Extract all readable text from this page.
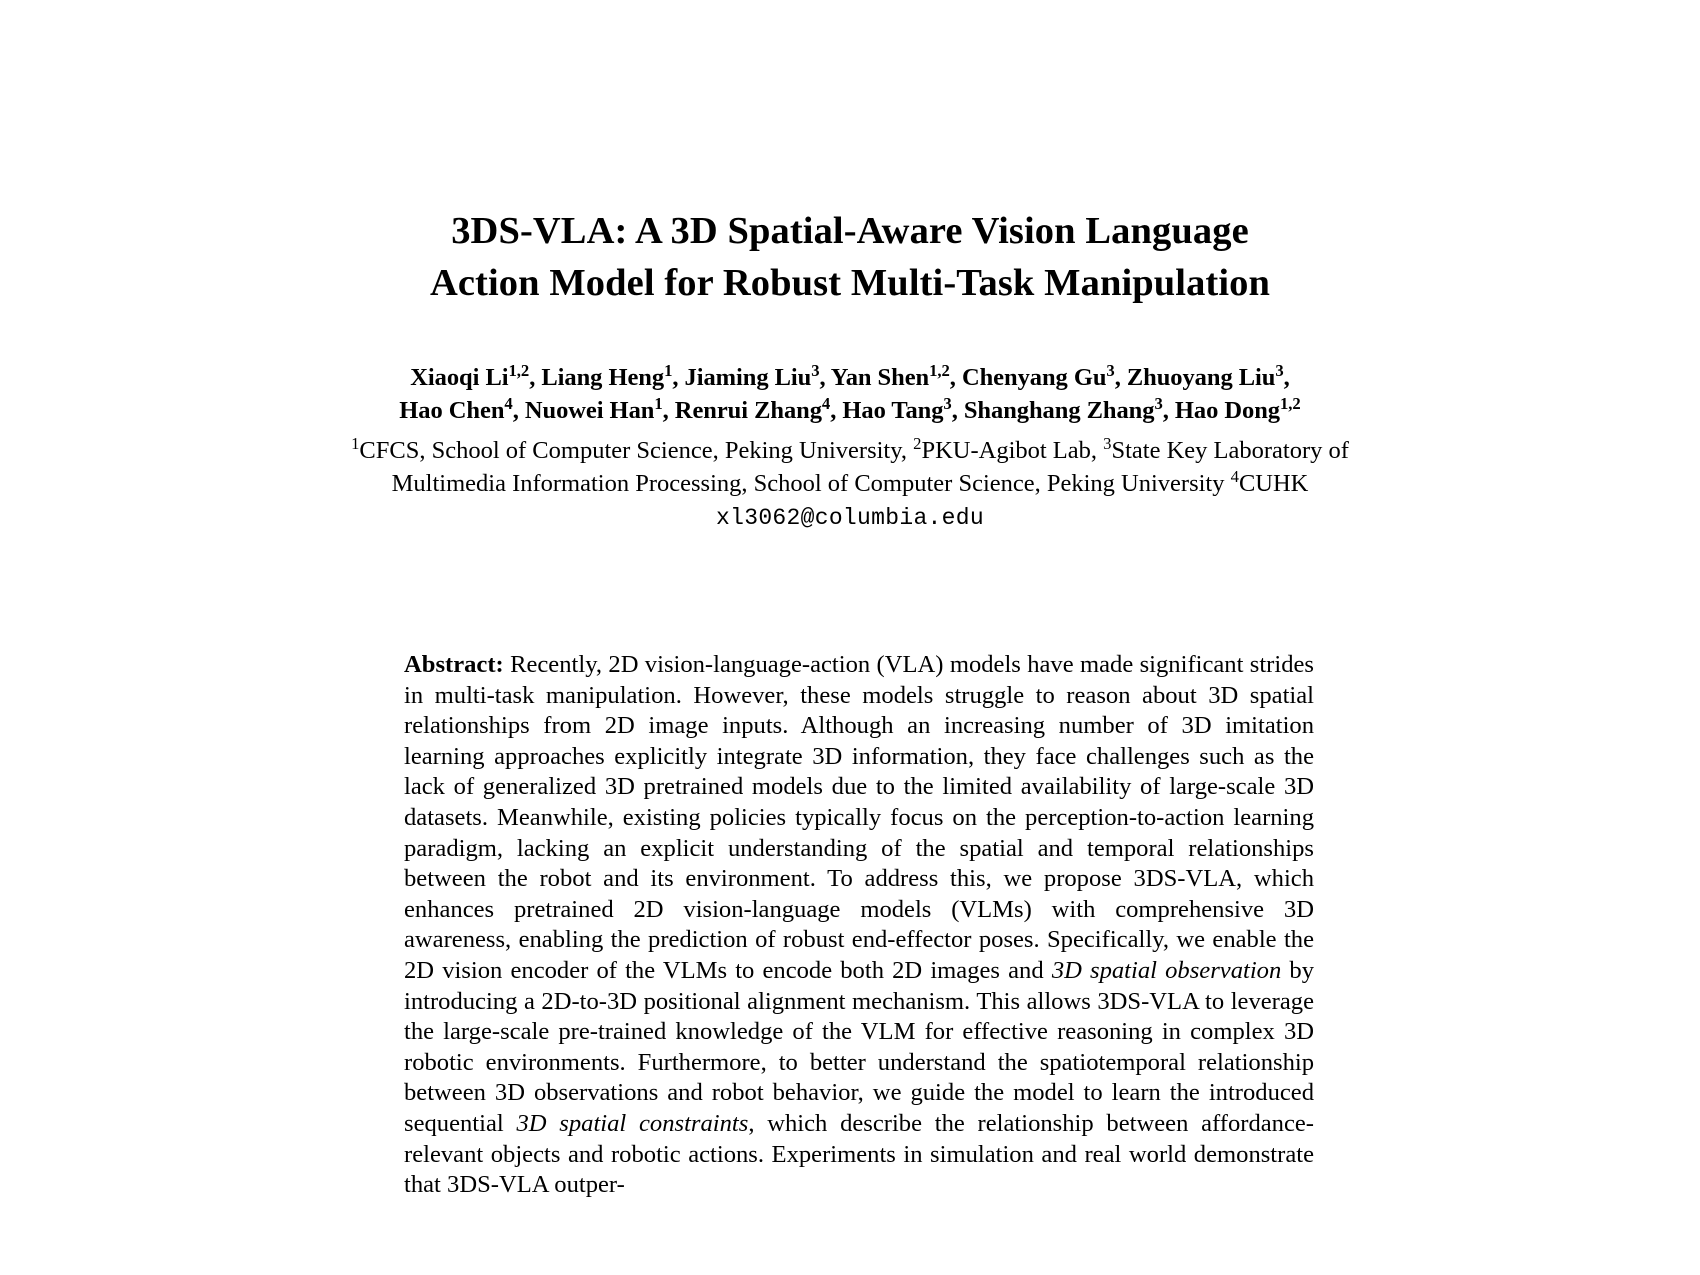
3DS-VLA: A 3D Spatial-Aware Vision Language
Action Model for Robust Multi-Task Manipulation
Xiaoqi Li$^{1,2}$, Liang Heng$^1$, Jiaming Liu$^3$, Yan Shen$^{1,2}$, Chenyang Gu$^3$, Zhuoyang Liu$^3$,
Hao Chen$^4$, Nuowei Han$^1$, Renrui Zhang$^4$, Hao Tang$^3$, Shanghang Zhang$^3$, Hao Dong$^{1,2}$
$^1$CFCS, School of Computer Science, Peking University, $^2$PKU-Agibot Lab, $^3$State Key Laboratory of
Multimedia Information Processing, School of Computer Science, Peking University $^4$CUHK
xl3062@columbia.edu

Abstract: Recently, 2D vision-language-action (VLA) models have made significant strides in multi-task manipulation. However, these models struggle to reason about 3D spatial relationships from 2D image inputs. Although an increasing number of 3D imitation learning approaches explicitly integrate 3D information, they face challenges such as the lack of generalized 3D pretrained models due to the limited availability of large-scale 3D datasets. Meanwhile, existing policies typically focus on the perception-to-action learning paradigm, lacking an explicit understanding of the spatial and temporal relationships between the robot and its environment. To address this, we propose 3DS-VLA, which enhances pretrained 2D vision-language models (VLMs) with comprehensive 3D awareness, enabling the prediction of robust end-effector poses. Specifically, we enable the 2D vision encoder of the VLMs to encode both 2D images and 3D spatial observation by introducing a 2D-to-3D positional alignment mechanism. This allows 3DS-VLA to leverage the large-scale pre-trained knowledge of the VLM for effective reasoning in complex 3D robotic environments. Furthermore, to better understand the spatiotemporal relationship between 3D observations and robot behavior, we guide the model to learn the introduced sequential 3D spatial constraints, which describe the relationship between affordance-relevant objects and robotic actions. Experiments in simulation and real world demonstrate that 3DS-VLA outper-
